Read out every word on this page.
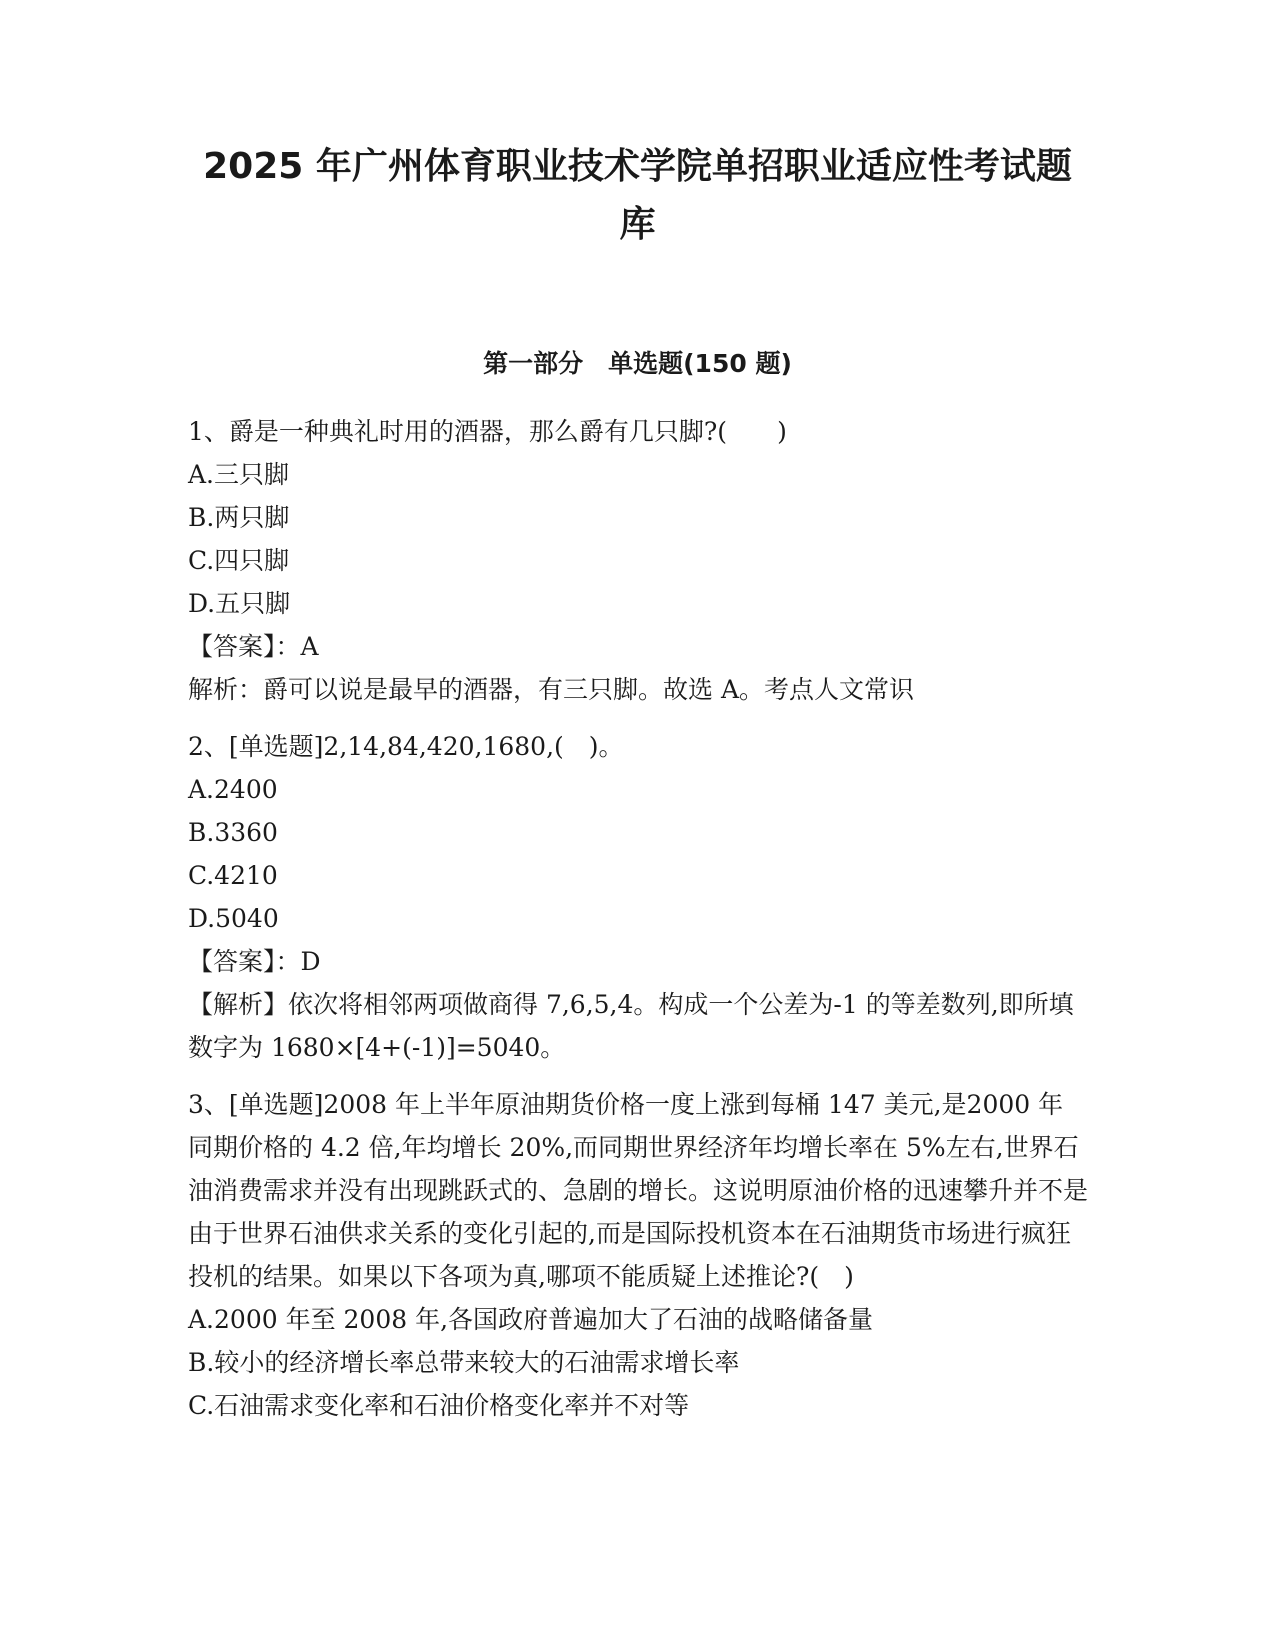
2025 年广州体育职业技术学院单招职业适应性考试题
库
第一部分　单选题(150 题)
1、爵是一种典礼时用的酒器，那么爵有几只脚?(　　)
A.三只脚
B.两只脚
C.四只脚
D.五只脚
【答案】：A
解析：爵可以说是最早的酒器，有三只脚。故选 A。考点人文常识
2、[单选题]2,14,84,420,1680,(　)。
A.2400
B.3360
C.4210
D.5040
【答案】：D
【解析】依次将相邻两项做商得 7,6,5,4。构成一个公差为-1 的等差数列,即所填数字为 1680×[4+(-1)]=5040。
3、[单选题]2008 年上半年原油期货价格一度上涨到每桶 147 美元,是2000 年同期价格的 4.2 倍,年均增长 20%,而同期世界经济年均增长率在 5%左右,世界石油消费需求并没有出现跳跃式的、急剧的增长。这说明原油价格的迅速攀升并不是由于世界石油供求关系的变化引起的,而是国际投机资本在石油期货市场进行疯狂投机的结果。如果以下各项为真,哪项不能质疑上述推论?(　)
A.2000 年至 2008 年,各国政府普遍加大了石油的战略储备量
B.较小的经济增长率总带来较大的石油需求增长率
C.石油需求变化率和石油价格变化率并不对等
